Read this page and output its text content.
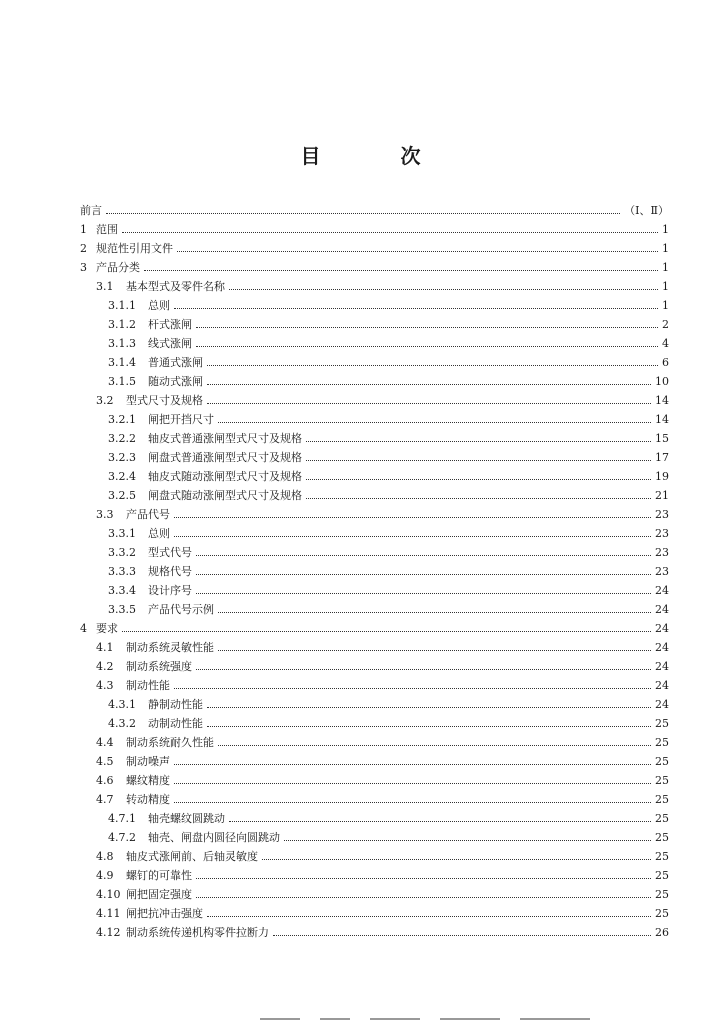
目　次
前言	（Ⅰ、Ⅱ）
1 范围	1
2 规范性引用文件	1
3 产品分类	1
3.1	基本型式及零件名称	1
3.1.1	总则	1
3.1.2	杆式涨闸	2
3.1.3	线式涨闸	4
3.1.4	普通式涨闸	6
3.1.5	随动式涨闸	10
3.2	型式尺寸及规格	14
3.2.1	闸把开挡尺寸	14
3.2.2	轴皮式普通涨闸型式尺寸及规格	15
3.2.3	闸盘式普通涨闸型式尺寸及规格	17
3.2.4	轴皮式随动涨闸型式尺寸及规格	19
3.2.5	闸盘式随动涨闸型式尺寸及规格	21
3.3	产品代号	23
3.3.1	总则	23
3.3.2	型式代号	23
3.3.3	规格代号	23
3.3.4	设计序号	24
3.3.5	产品代号示例	24
4 要求	24
4.1	制动系统灵敏性能	24
4.2	制动系统强度	24
4.3	制动性能	24
4.3.1	静制动性能	24
4.3.2	动制动性能	25
4.4	制动系统耐久性能	25
4.5	制动噪声	25
4.6	螺纹精度	25
4.7	转动精度	25
4.7.1	轴壳螺纹圆跳动	25
4.7.2	轴壳、闸盘内圆径向圆跳动	25
4.8	轴皮式涨闸前、后轴灵敏度	25
4.9	螺钉的可靠性	25
4.10 闸把固定强度	25
4.11 闸把抗冲击强度	25
4.12 制动系统传递机构零件拉断力	26
